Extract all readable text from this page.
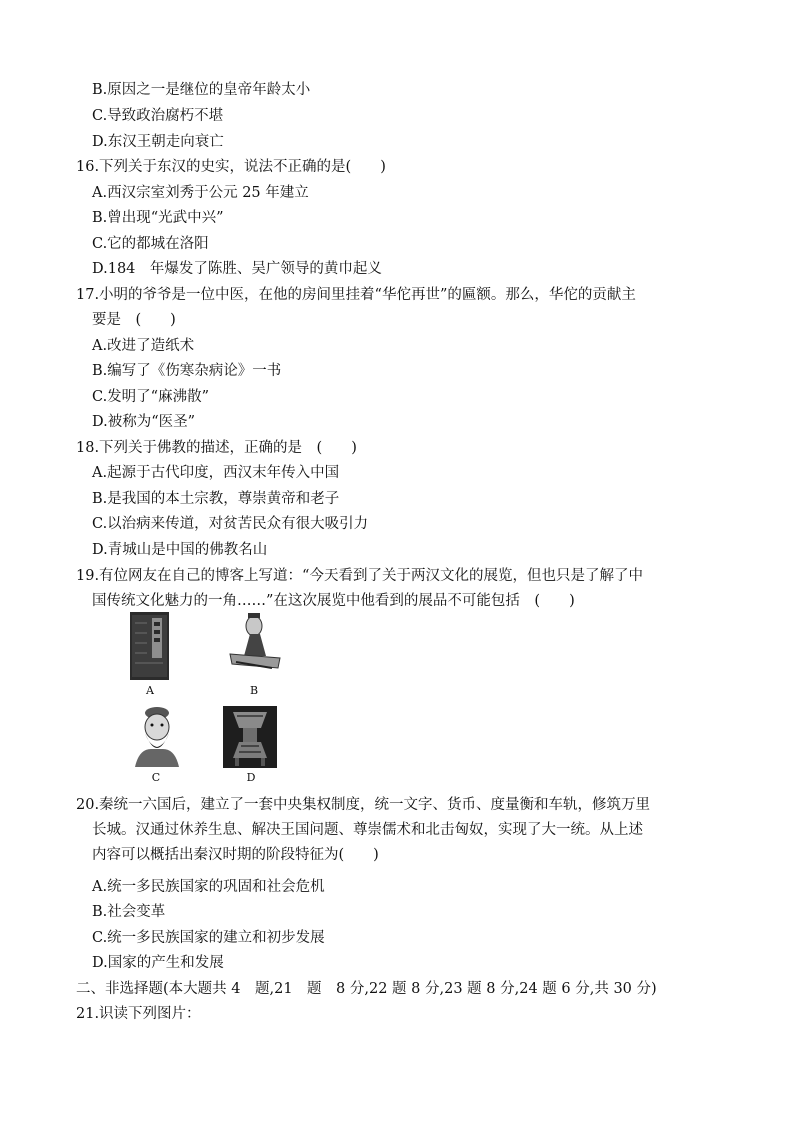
B.原因之一是继位的皇帝年龄太小
C.导致政治腐朽不堪
D.东汉王朝走向衰亡
16.下列关于东汉的史实，说法不正确的是(　　)
A.西汉宗室刘秀于公元 25 年建立
B.曾出现“光武中兴”
C.它的都城在洛阳
D.184　年爆发了陈胜、吴广领导的黄巾起义
17.小明的爷爷是一位中医，在他的房间里挂着“华佗再世”的匾额。那么，华佗的贡献主
要是　(　　)
A.改进了造纸术
B.编写了《伤寒杂病论》一书
C.发明了“麻沸散”
D.被称为“医圣”
18.下列关于佛教的描述，正确的是　(　　)
A.起源于古代印度，西汉末年传入中国
B.是我国的本土宗教，尊崇黄帝和老子
C.以治病来传道，对贫苦民众有很大吸引力
D.青城山是中国的佛教名山
19.有位网友在自己的博客上写道：“今天看到了关于两汉文化的展览，但也只是了解了中
国传统文化魅力的一角……”在这次展览中他看到的展品不可能包括　(　　)
A	B
C	D
20.秦统一六国后，建立了一套中央集权制度，统一文字、货币、度量衡和车轨，修筑万里
长城。汉通过休养生息、解决王国问题、尊崇儒术和北击匈奴，实现了大一统。从上述
内容可以概括出秦汉时期的阶段特征为(　　)
A.统一多民族国家的巩固和社会危机
B.社会变革
C.统一多民族国家的建立和初步发展
D.国家的产生和发展
二、非选择题(本大题共 4　题,21　题　8 分,22 题 8 分,23 题 8 分,24 题 6 分,共 30 分)
21.识读下列图片：
